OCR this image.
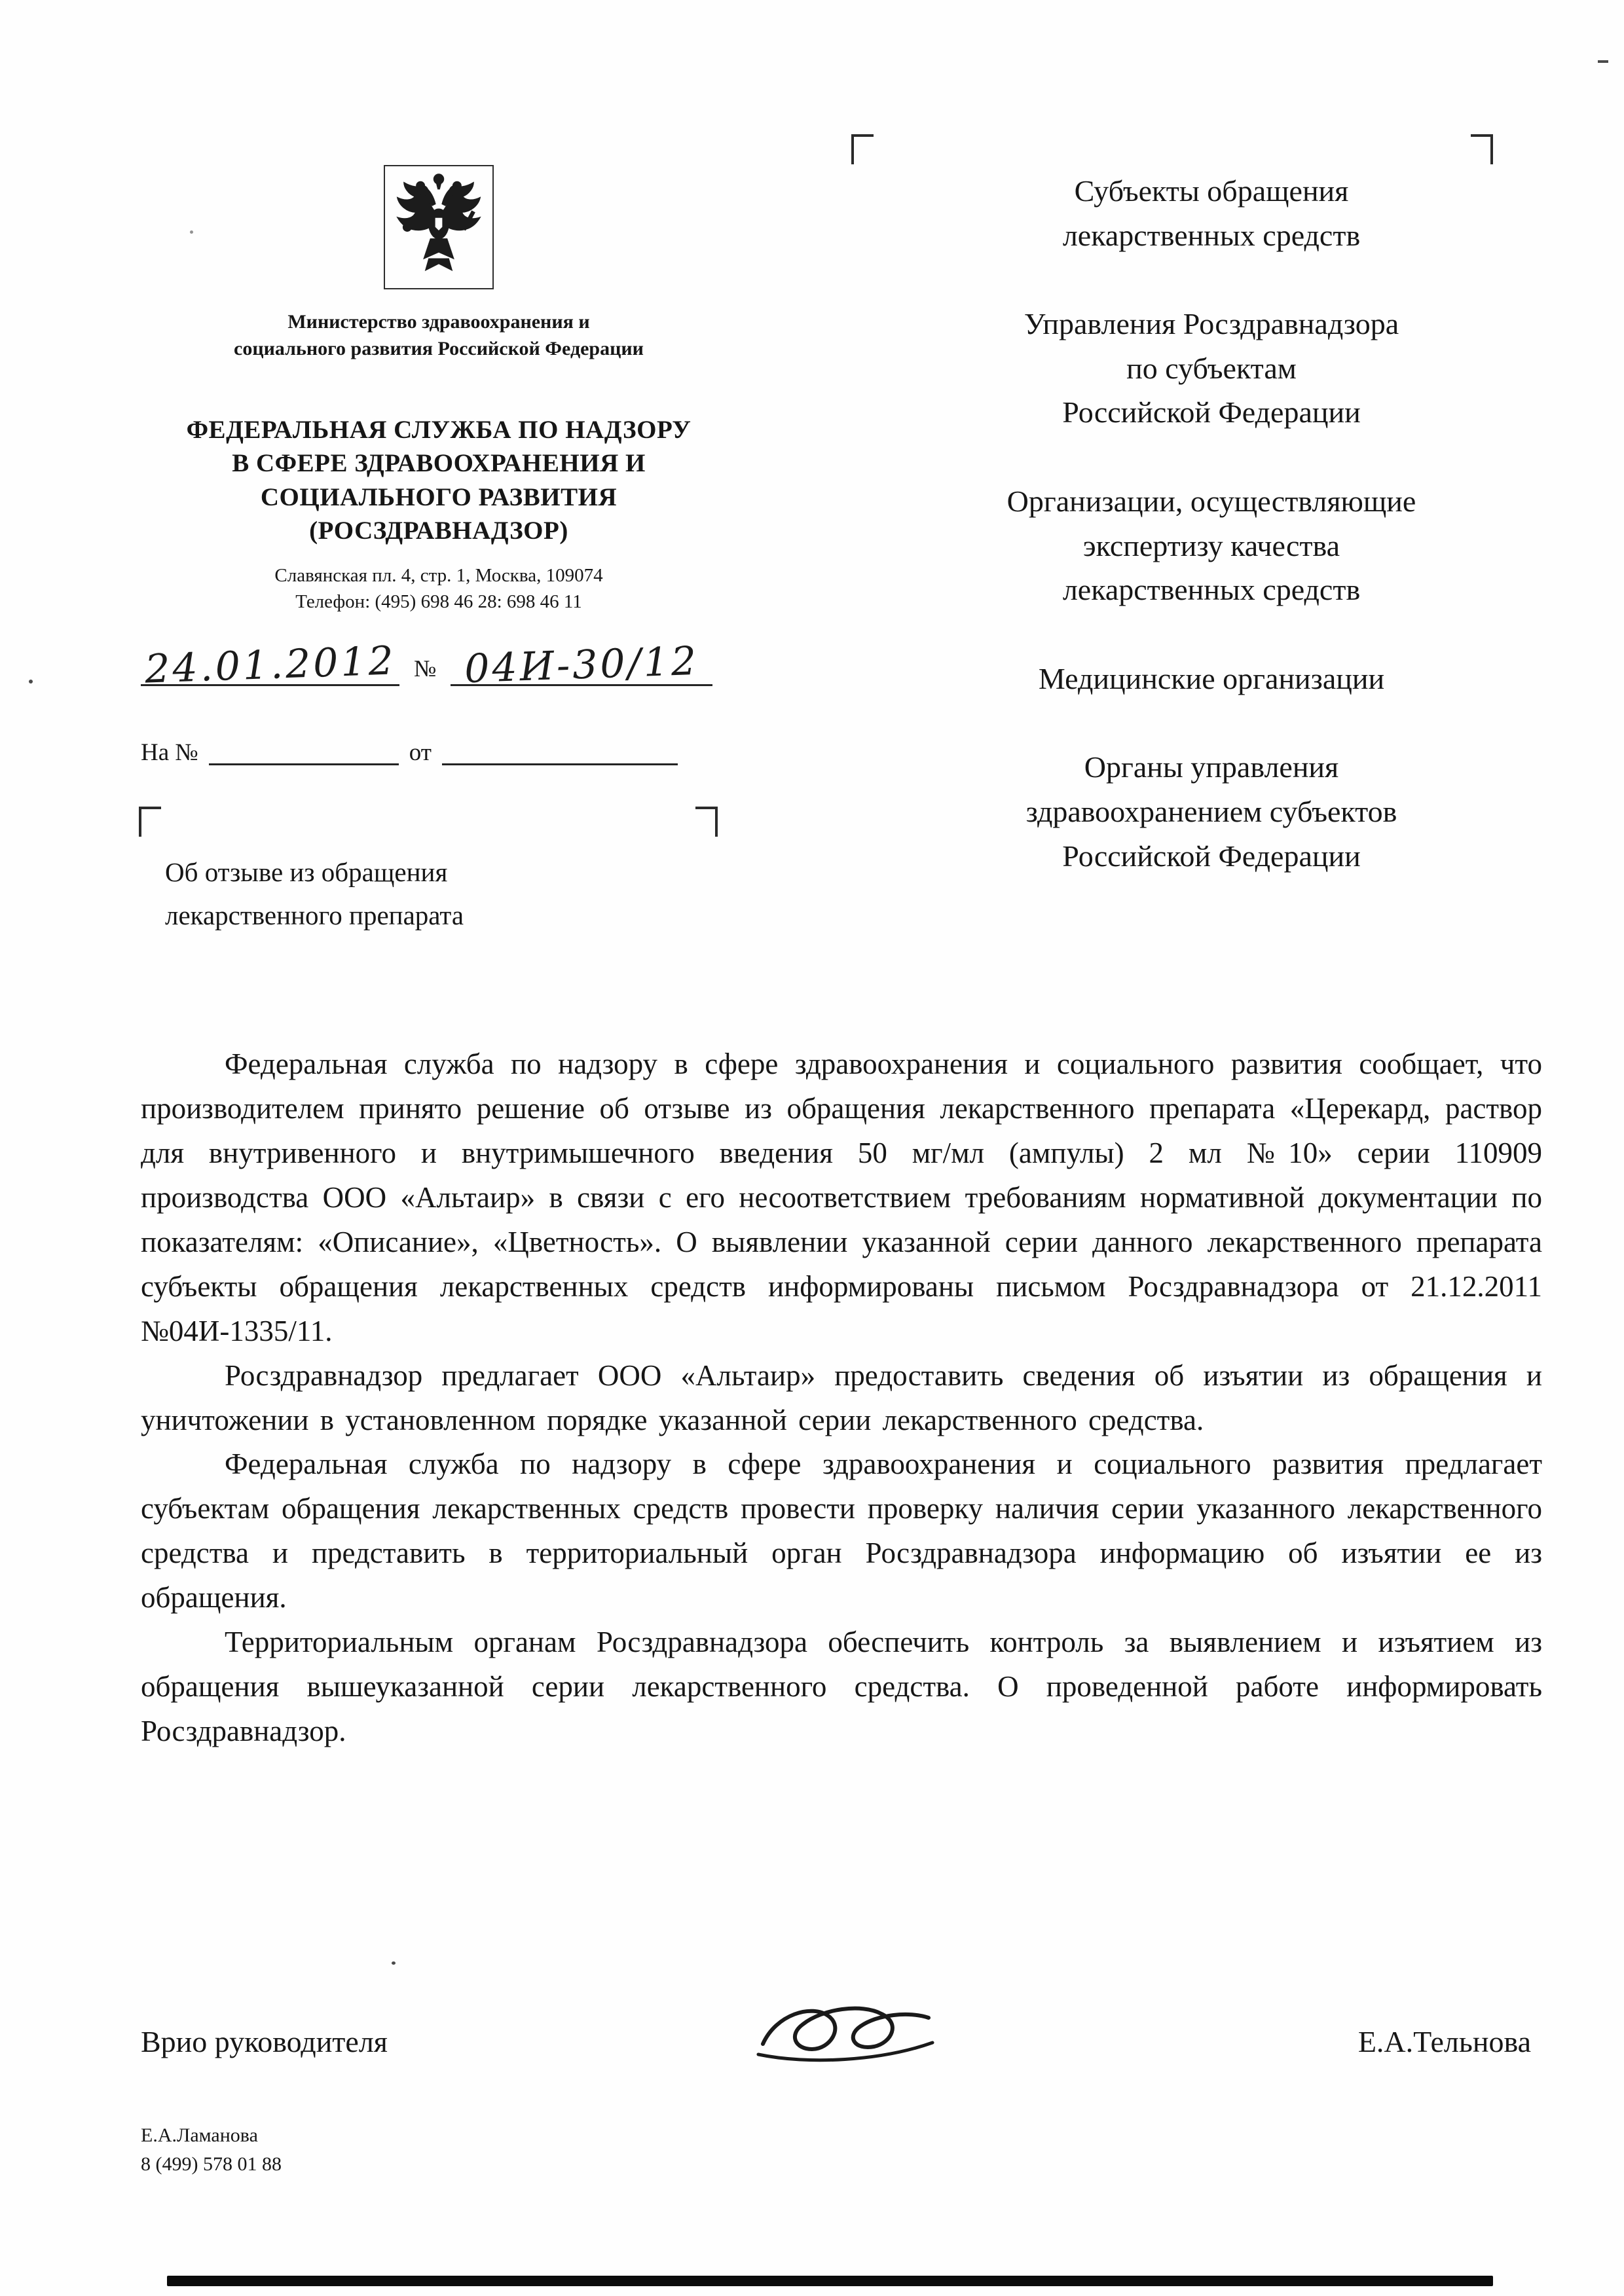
Министерство здравоохранения и
социального развития Российской Федерации
ФЕДЕРАЛЬНАЯ СЛУЖБА ПО НАДЗОРУ
В СФЕРЕ ЗДРАВООХРАНЕНИЯ И
СОЦИАЛЬНОГО РАЗВИТИЯ
(РОСЗДРАВНАДЗОР)
Славянская пл. 4, стр. 1, Москва, 109074
Телефон: (495) 698 46 28: 698 46 11
24.01.2012 № 04И-30/12
На №	от
Об отзыве из обращения
лекарственного препарата
Субъекты обращения
лекарственных средств
Управления Росздравнадзора
по субъектам
Российской Федерации
Организации, осуществляющие
экспертизу качества
лекарственных средств
Медицинские организации
Органы управления
здравоохранением субъектов
Российской Федерации

Федеральная служба по надзору в сфере здравоохранения и социального развития сообщает, что производителем принято решение об отзыве из обращения лекарственного препарата «Церекард, раствор для внутривенного и внутримышечного введения 50 мг/мл (ампулы) 2 мл №10» серии 110909 производства ООО «Альтаир» в связи с его несоответствием требованиям нормативной документации по показателям: «Описание», «Цветность». О выявлении указанной серии данного лекарственного препарата субъекты обращения лекарственных средств информированы письмом Росздравнадзора от 21.12.2011 №04И-1335/11.

Росздравнадзор предлагает ООО «Альтаир» предоставить сведения об изъятии из обращения и уничтожении в установленном порядке указанной серии лекарственного средства.

Федеральная служба по надзору в сфере здравоохранения и социального развития предлагает субъектам обращения лекарственных средств провести проверку наличия серии указанного лекарственного средства и представить в территориальный орган Росздравнадзора информацию об изъятии ее из обращения.

Территориальным органам Росздравнадзора обеспечить контроль за выявлением и изъятием из обращения вышеуказанной серии лекарственного средства. О проведенной работе информировать Росздравнадзор.

Врио руководителя	Е.А.Тельнова
Е.А.Ламанова
8 (499) 578 01 88
